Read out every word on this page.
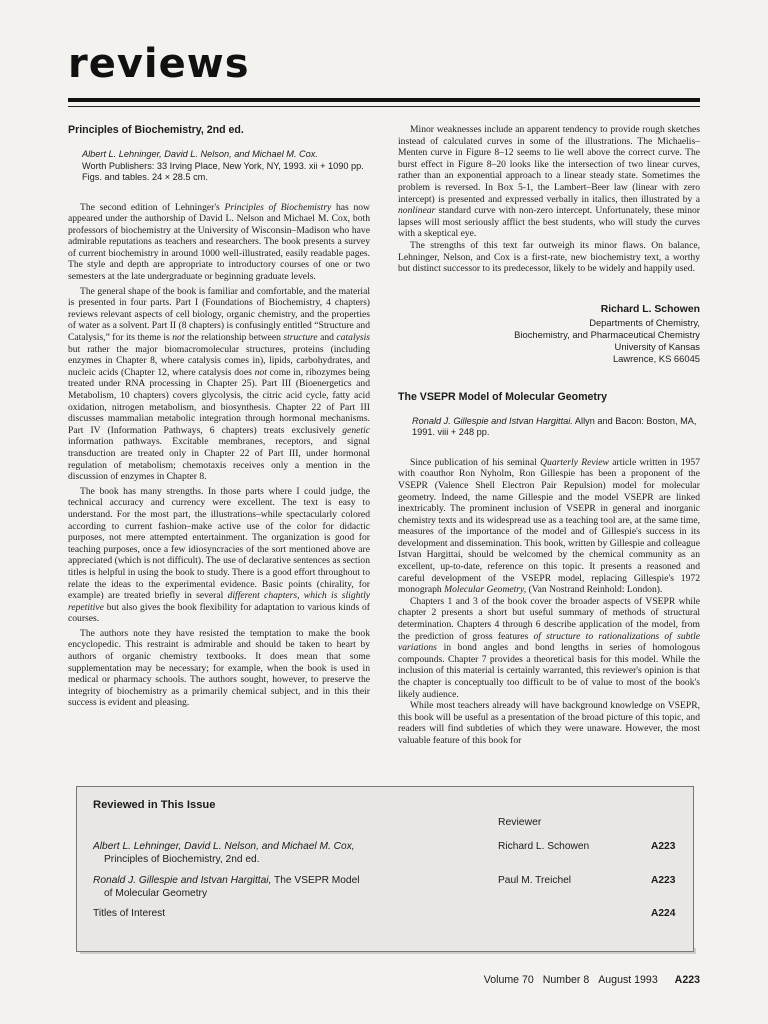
reviews
Principles of Biochemistry, 2nd ed.
Albert L. Lehninger, David L. Nelson, and Michael M. Cox.
Worth Publishers: 33 Irving Place, New York, NY, 1993. xii + 1090 pp. Figs. and tables. 24 × 28.5 cm.

The second edition of Lehninger's Principles of Biochemistry has now appeared under the authorship of David L. Nelson and Michael M. Cox, both professors of biochemistry at the University of Wisconsin–Madison who have admirable reputations as teachers and researchers. The book presents a survey of current biochemistry in around 1000 well-illustrated, easily readable pages. The style and depth are appropriate to introductory courses of one or two semesters at the late undergraduate or beginning graduate levels.

The general shape of the book is familiar and comfortable, and the material is presented in four parts. Part I (Foundations of Biochemistry, 4 chapters) reviews relevant aspects of cell biology, organic chemistry, and the properties of water as a solvent. Part II (8 chapters) is confusingly entitled “Structure and Catalysis,” for its theme is not the relationship between structure and catalysis but rather the major biomacromolecular structures, proteins (including enzymes in Chapter 8, where catalysis comes in), lipids, carbohydrates, and nucleic acids (Chapter 12, where catalysis does not come in, ribozymes being treated under RNA processing in Chapter 25). Part III (Bioenergetics and Metabolism, 10 chapters) covers glycolysis, the citric acid cycle, fatty acid oxidation, nitrogen metabolism, and biosynthesis. Chapter 22 of Part III discusses mammalian metabolic integration through hormonal mechanisms. Part IV (Information Pathways, 6 chapters) treats exclusively genetic information pathways. Excitable membranes, receptors, and signal transduction are treated only in Chapter 22 of Part III, under hormonal regulation of metabolism; chemotaxis receives only a mention in the discussion of enzymes in Chapter 8.

The book has many strengths. In those parts where I could judge, the technical accuracy and currency were excellent. The text is easy to understand. For the most part, the illustrations–while spectacularly colored according to current fashion–make active use of the color for didactic purposes, not mere attempted entertainment. The organization is good for teaching purposes, once a few idiosyncracies of the sort mentioned above are appreciated (which is not difficult). The use of declarative sentences as section titles is helpful in using the book to study. There is a good effort throughout to relate the ideas to the experimental evidence. Basic points (chirality, for example) are treated briefly in several different chapters, which is slightly repetitive but also gives the book flexibility for adaptation to various kinds of courses.

The authors note they have resisted the temptation to make the book encyclopedic. This restraint is admirable and should be taken to heart by authors of organic chemistry textbooks. It does mean that some supplementation may be necessary; for example, when the book is used in medical or pharmacy schools. The authors sought, however, to preserve the integrity of biochemistry as a primarily chemical subject, and in this their success is evident and pleasing.

Minor weaknesses include an apparent tendency to provide rough sketches instead of calculated curves in some of the illustrations. The Michaelis–Menten curve in Figure 8–12 seems to lie well above the correct curve. The burst effect in Figure 8–20 looks like the intersection of two linear curves, rather than an exponential approach to a linear steady state. Sometimes the problem is reversed. In Box 5-1, the Lambert–Beer law (linear with zero intercept) is presented and expressed verbally in italics, then illustrated by a nonlinear standard curve with non-zero intercept. Unfortunately, these minor lapses will most seriously afflict the best students, who will study the curves with a skeptical eye.

The strengths of this text far outweigh its minor flaws. On balance, Lehninger, Nelson, and Cox is a first-rate, new biochemistry text, a worthy but distinct successor to its predecessor, likely to be widely and happily used.

Richard L. Schowen
Departments of Chemistry,
Biochemistry, and Pharmaceutical Chemistry
University of Kansas
Lawrence, KS 66045
The VSEPR Model of Molecular Geometry
Ronald J. Gillespie and Istvan Hargittai. Allyn and Bacon: Boston, MA, 1991. viii + 248 pp.

Since publication of his seminal Quarterly Review article written in 1957 with coauthor Ron Nyholm, Ron Gillespie has been a proponent of the VSEPR (Valence Shell Electron Pair Repulsion) model for molecular geometry. Indeed, the name Gillespie and the model VSEPR are linked inextricably. The prominent inclusion of VSEPR in general and inorganic chemistry texts and its widespread use as a teaching tool are, at the same time, measures of the importance of the model and of Gillespie's success in its development and dissemination. This book, written by Gillespie and colleague Istvan Hargittai, should be welcomed by the chemical community as an excellent, up-to-date, reference on this topic. It presents a reasoned and careful development of the VSEPR model, replacing Gillespie's 1972 monograph Molecular Geometry, (Van Nostrand Reinhold: London).

Chapters 1 and 3 of the book cover the broader aspects of VSEPR while chapter 2 presents a short but useful summary of methods of structural determination. Chapters 4 through 6 describe application of the model, from the prediction of gross features of structure to rationalizations of subtle variations in bond angles and bond lengths in series of homologous compounds. Chapter 7 provides a theoretical basis for this model. While the inclusion of this material is certainly warranted, this reviewer's opinion is that the chapter is conceptually too difficult to be of value to most of the book's likely audience.

While most teachers already will have background knowledge on VSEPR, this book will be useful as a presentation of the broad picture of this topic, and readers will find subtleties of which they were unaware. However, the most valuable feature of this book for

Reviewed in This Issue
Reviewer
Albert L. Lehninger, David L. Nelson, and Michael M. Cox,
Principles of Biochemistry, 2nd ed.
Richard L. Schowen	A223
Ronald J. Gillespie and Istvan Hargittai, The VSEPR Model
of Molecular Geometry
Paul M. Treichel	A223
Titles of Interest	A224
Volume 70 Number 8 August 1993 A223
